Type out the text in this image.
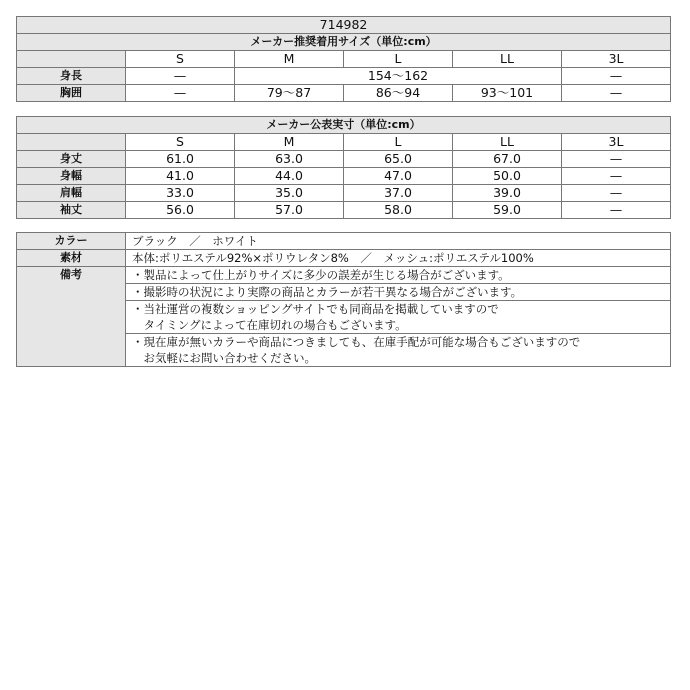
714982					
メーカー推奨着用サイズ（単位:cm）					
	S	M	L	LL	3L
身長	—	154〜162			—
胸囲	—	79〜87	86〜94	93〜101	—
メーカー公表実寸（単位:cm）					
	S	M	L	LL	3L
身丈	61.0	63.0	65.0	67.0	—
身幅	41.0	44.0	47.0	50.0	—
肩幅	33.0	35.0	37.0	39.0	—
袖丈	56.0	57.0	58.0	59.0	—
カラー	ブラック　／　ホワイト
素材	本体:ポリエステル92%×ポリウレタン8%　／　メッシュ:ポリエステル100%
備考	・製品によって仕上がりサイズに多少の誤差が生じる場合がございます。

	・撮影時の状況により実際の商品とカラーが若干異なる場合がございます。

	・当社運営の複数ショッピングサイトでも同商品を掲載していますので
　タイミングによって在庫切れの場合もございます。

	・現在庫が無いカラーや商品につきましても、在庫手配が可能な場合もございますので
　お気軽にお問い合わせください。
